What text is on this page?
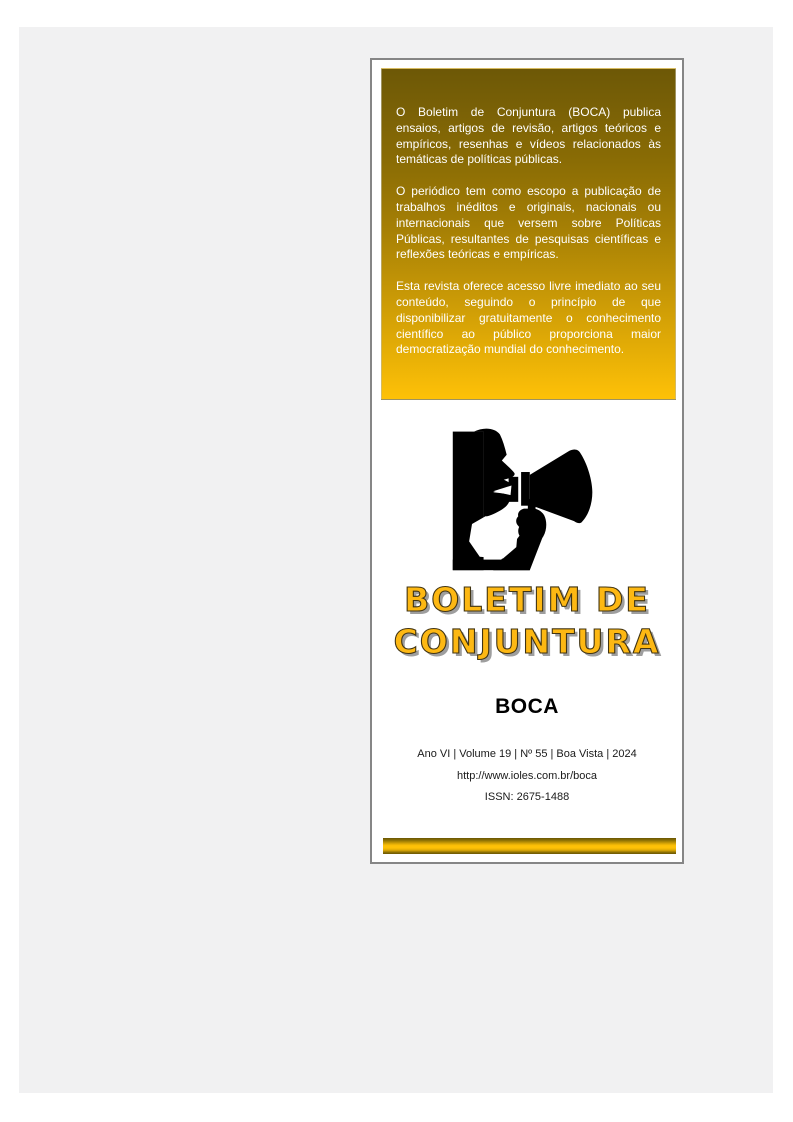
O Boletim de Conjuntura (BOCA) publica ensaios, artigos de revisão, artigos teóricos e empíricos, resenhas e vídeos relacionados às temáticas de políticas públicas.

O periódico tem como escopo a publicação de trabalhos inéditos e originais, nacionais ou internacionais que versem sobre Políticas Públicas, resultantes de pesquisas científicas e reflexões teóricas e empíricas.

Esta revista oferece acesso livre imediato ao seu conteúdo, seguindo o princípio de que disponibilizar gratuitamente o conhecimento científico ao público proporciona maior democratização mundial do conhecimento.

BOLETIM DE
CONJUNTURA
BOCA
Ano VI | Volume 19 | Nº 55 | Boa Vista | 2024
http://www.ioles.com.br/boca
ISSN: 2675-1488
